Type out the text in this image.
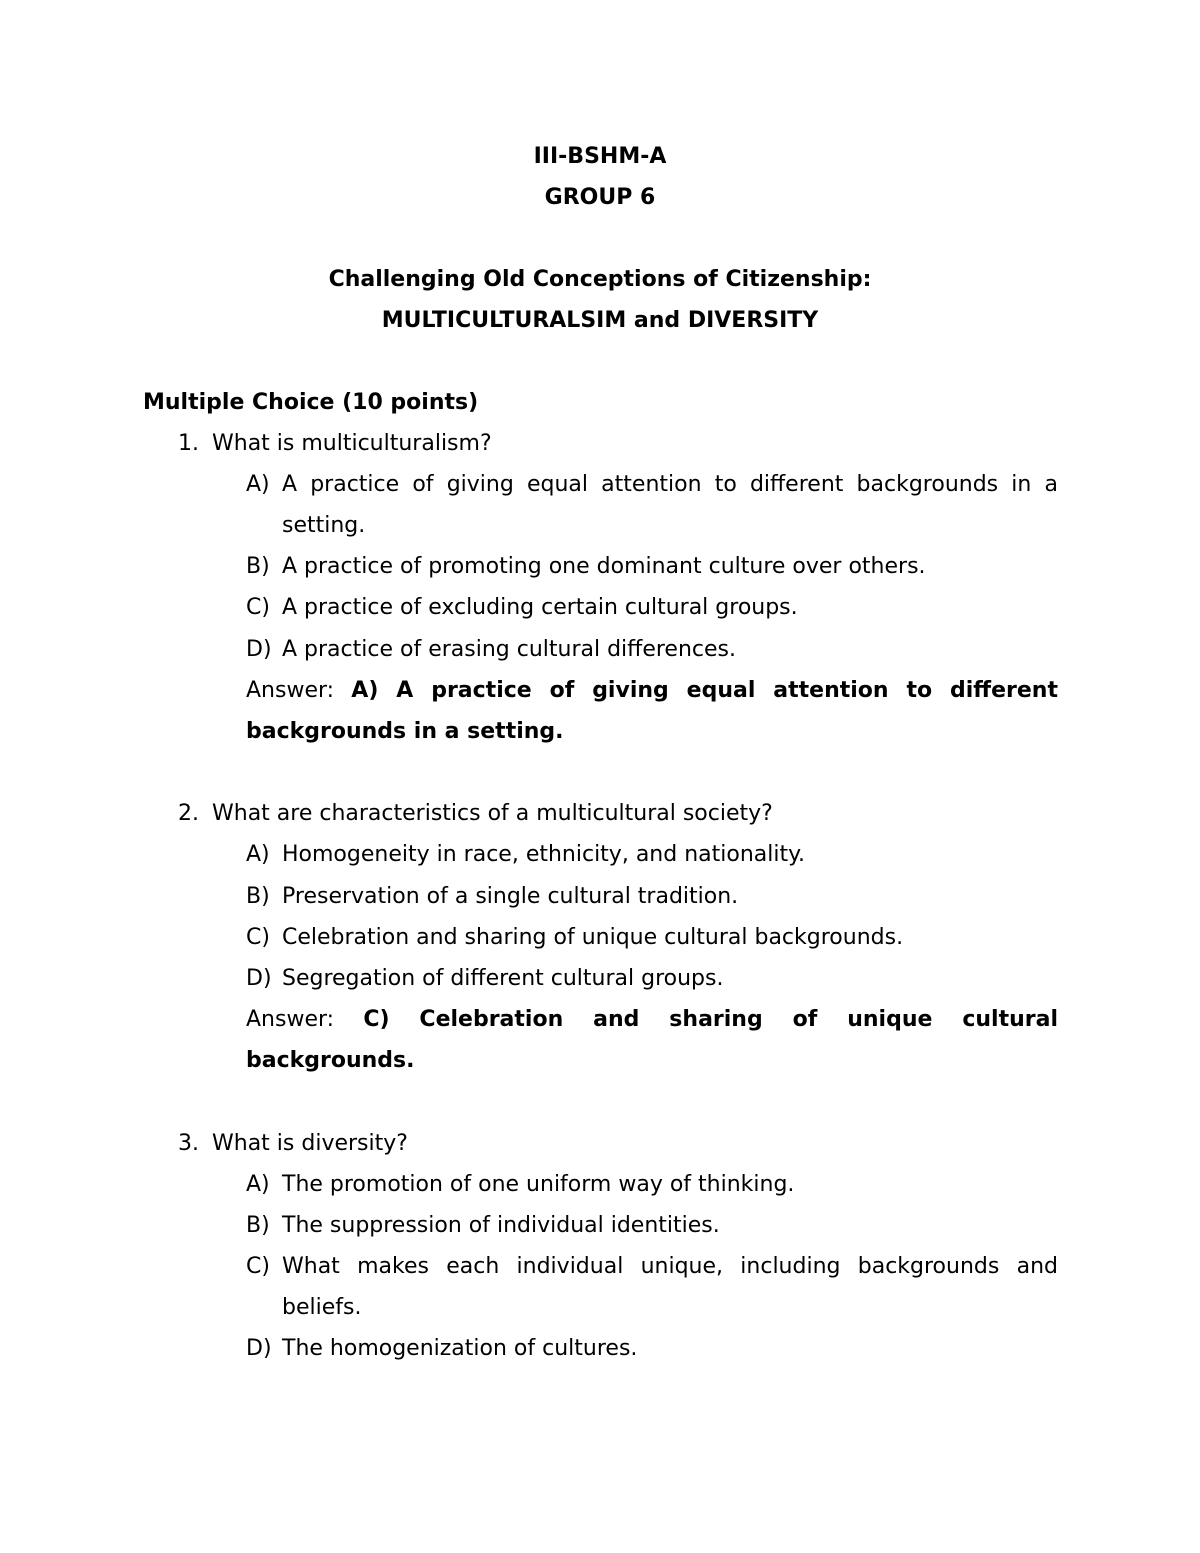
III-BSHM-A
GROUP 6
Challenging Old Conceptions of Citizenship:
MULTICULTURALSIM and DIVERSITY
Multiple Choice (10 points)
1. What is multiculturalism?
A) A practice of giving equal attention to different backgrounds in a setting.
B) A practice of promoting one dominant culture over others.
C) A practice of excluding certain cultural groups.
D) A practice of erasing cultural differences.
Answer: A) A practice of giving equal attention to different backgrounds in a setting.
2. What are characteristics of a multicultural society?
A) Homogeneity in race, ethnicity, and nationality.
B) Preservation of a single cultural tradition.
C) Celebration and sharing of unique cultural backgrounds.
D) Segregation of different cultural groups.
Answer: C) Celebration and sharing of unique cultural backgrounds.
3. What is diversity?
A) The promotion of one uniform way of thinking.
B) The suppression of individual identities.
C) What makes each individual unique, including backgrounds and beliefs.
D) The homogenization of cultures.
